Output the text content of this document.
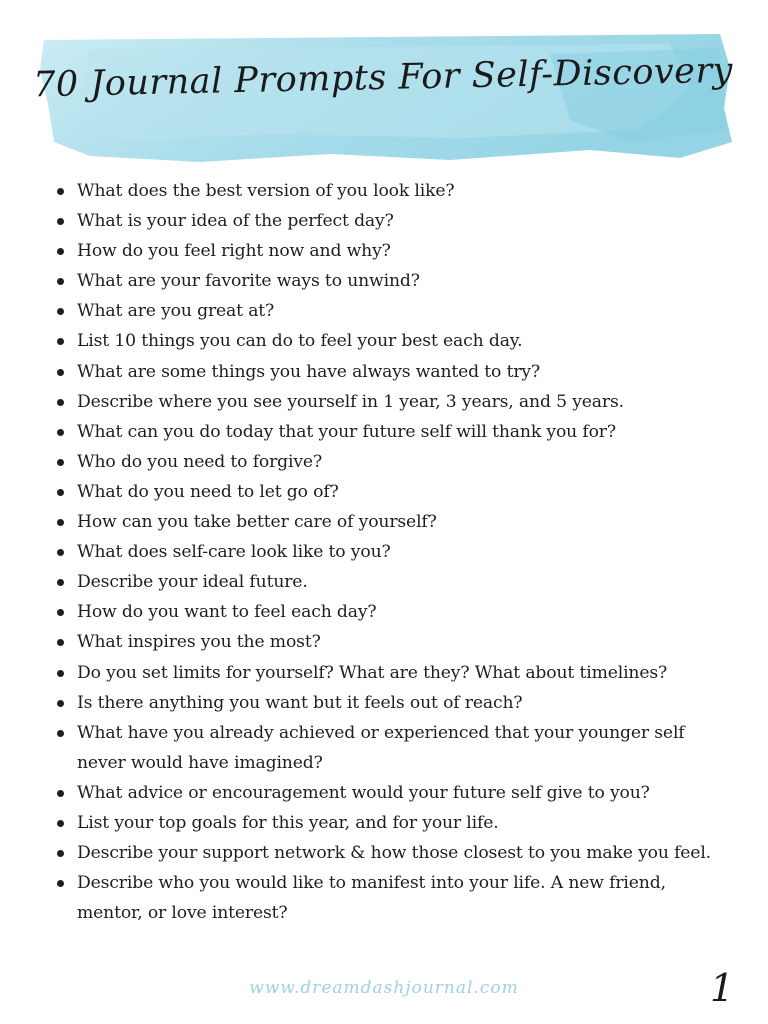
70 Journal Prompts For Self-Discovery
What does the best version of you look like?
What is your idea of the perfect day?
How do you feel right now and why?
What are your favorite ways to unwind?
What are you great at?
List 10 things you can do to feel your best each day.
What are some things you have always wanted to try?
Describe where you see yourself in 1 year, 3 years, and 5 years.
What can you do today that your future self will thank you for?
Who do you need to forgive?
What do you need to let go of?
How can you take better care of yourself?
What does self-care look like to you?
Describe your ideal future.
How do you want to feel each day?
What inspires you the most?
Do you set limits for yourself? What are they? What about timelines?
Is there anything you want but it feels out of reach?
What have you already achieved or experienced that your younger self never would have imagined?
What advice or encouragement would your future self give to you?
List your top goals for this year, and for your life.
Describe your support network & how those closest to you make you feel.
Describe who you would like to manifest into your life. A new friend, mentor, or love interest?
www.dreamdashjournal.com	1
